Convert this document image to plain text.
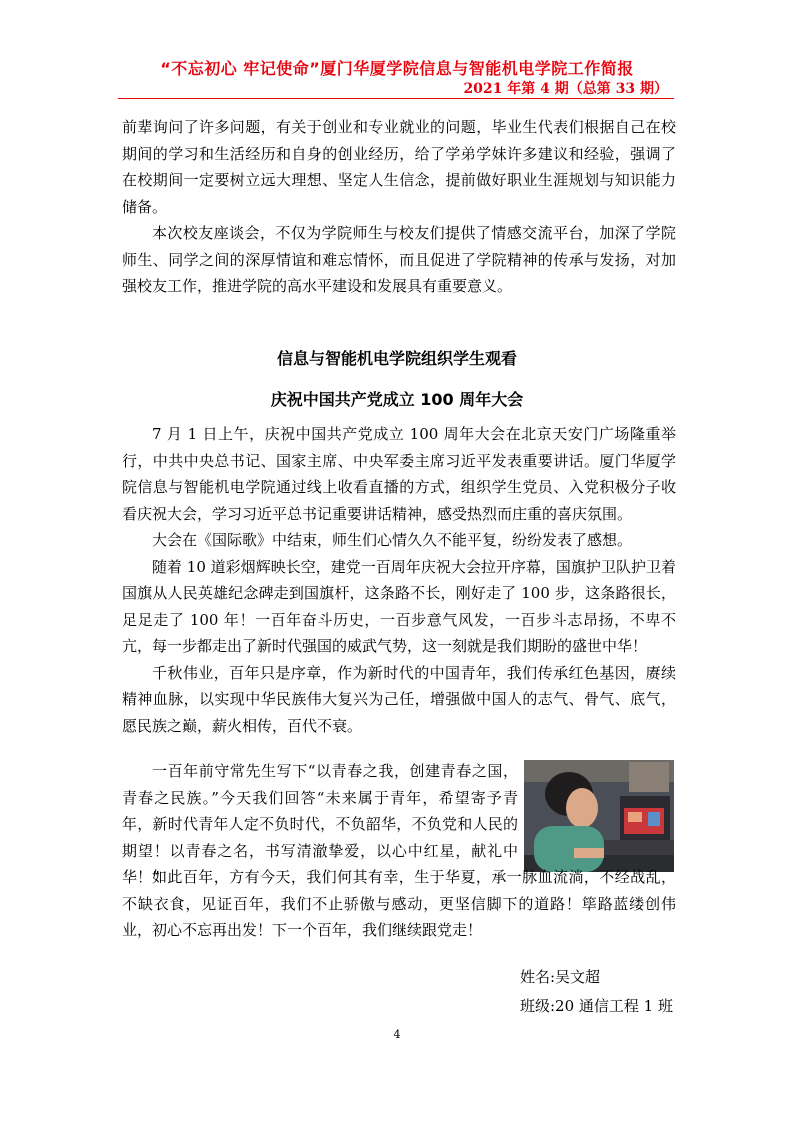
“不忘初心 牢记使命”厦门华厦学院信息与智能机电学院工作简报
2021 年第 4 期（总第 33 期）

前辈询问了许多问题，有关于创业和专业就业的问题，毕业生代表们根据自己在校期间的学习和生活经历和自身的创业经历，给了学弟学妹许多建议和经验，强调了在校期间一定要树立远大理想、坚定人生信念，提前做好职业生涯规划与知识能力储备。

本次校友座谈会，不仅为学院师生与校友们提供了情感交流平台，加深了学院师生、同学之间的深厚情谊和难忘情怀，而且促进了学院精神的传承与发扬，对加强校友工作，推进学院的高水平建设和发展具有重要意义。

信息与智能机电学院组织学生观看
庆祝中国共产党成立 100 周年大会

7 月 1 日上午，庆祝中国共产党成立 100 周年大会在北京天安门广场隆重举行，中共中央总书记、国家主席、中央军委主席习近平发表重要讲话。厦门华厦学院信息与智能机电学院通过线上收看直播的方式，组织学生党员、入党积极分子收看庆祝大会，学习习近平总书记重要讲话精神，感受热烈而庄重的喜庆氛围。

大会在《国际歌》中结束，师生们心情久久不能平复，纷纷发表了感想。

随着 10 道彩烟辉映长空，建党一百周年庆祝大会拉开序幕，国旗护卫队护卫着国旗从人民英雄纪念碑走到国旗杆，这条路不长，刚好走了 100 步，这条路很长，足足走了 100 年！一百年奋斗历史，一百步意气风发，一百步斗志昂扬，不卑不亢，每一步都走出了新时代强国的威武气势，这一刻就是我们期盼的盛世中华！

千秋伟业，百年只是序章，作为新时代的中国青年，我们传承红色基因，赓续精神血脉，以实现中华民族伟大复兴为己任，增强做中国人的志气、骨气、底气，愿民族之巅，薪火相传，百代不衰。

一百年前守常先生写下“以青春之我，创建青春之国，青春之民族。”今天我们回答“未来属于青年，希望寄予青年，新时代青年人定不负时代，不负韶华，不负党和人民的期望！以青春之名，书写清澈挚爱，以心中红星，献礼中华！”

如此百年，方有今天，我们何其有幸，生于华夏，承一脉血流淌，不经战乱，不缺衣食，见证百年，我们不止骄傲与感动，更坚信脚下的道路！筚路蓝缕创伟业，初心不忘再出发！下一个百年，我们继续跟党走！

姓名:吴文超
班级:20 通信工程 1 班
4
